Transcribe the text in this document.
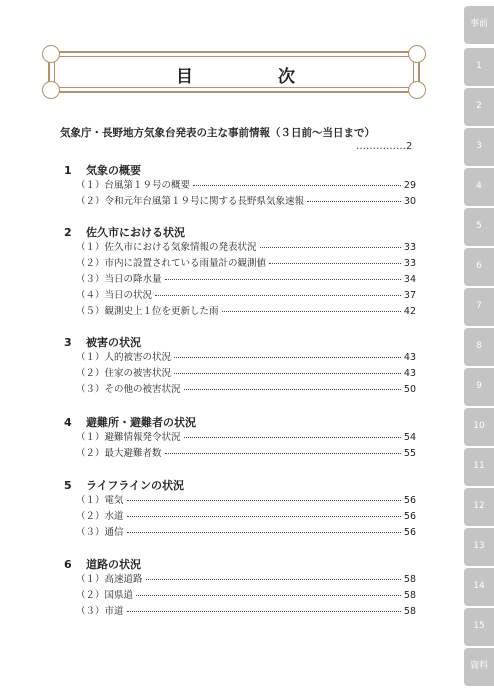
事前
1
2
3
4
5
6
7
8
9
10
11
12
13
14
15
資料
目	次
気象庁・長野地方気象台発表の主な事前情報（３日前〜当日まで）
……………2
1 気象の概要
（１）台風第１９号の概要	29
（２）令和元年台風第１９号に関する長野県気象速報	30
2 佐久市における状況
（１）佐久市における気象情報の発表状況	33
（２）市内に設置されている雨量計の観測値	33
（３）当日の降水量	34
（４）当日の状況	37
（５）観測史上１位を更新した雨	42
3 被害の状況
（１）人的被害の状況	43
（２）住家の被害状況	43
（３）その他の被害状況	50
4 避難所・避難者の状況
（１）避難情報発令状況	54
（２）最大避難者数	55
5 ライフラインの状況
（１）電気	56
（２）水道	56
（３）通信	56
6 道路の状況
（１）高速道路	58
（２）国県道	58
（３）市道	58
